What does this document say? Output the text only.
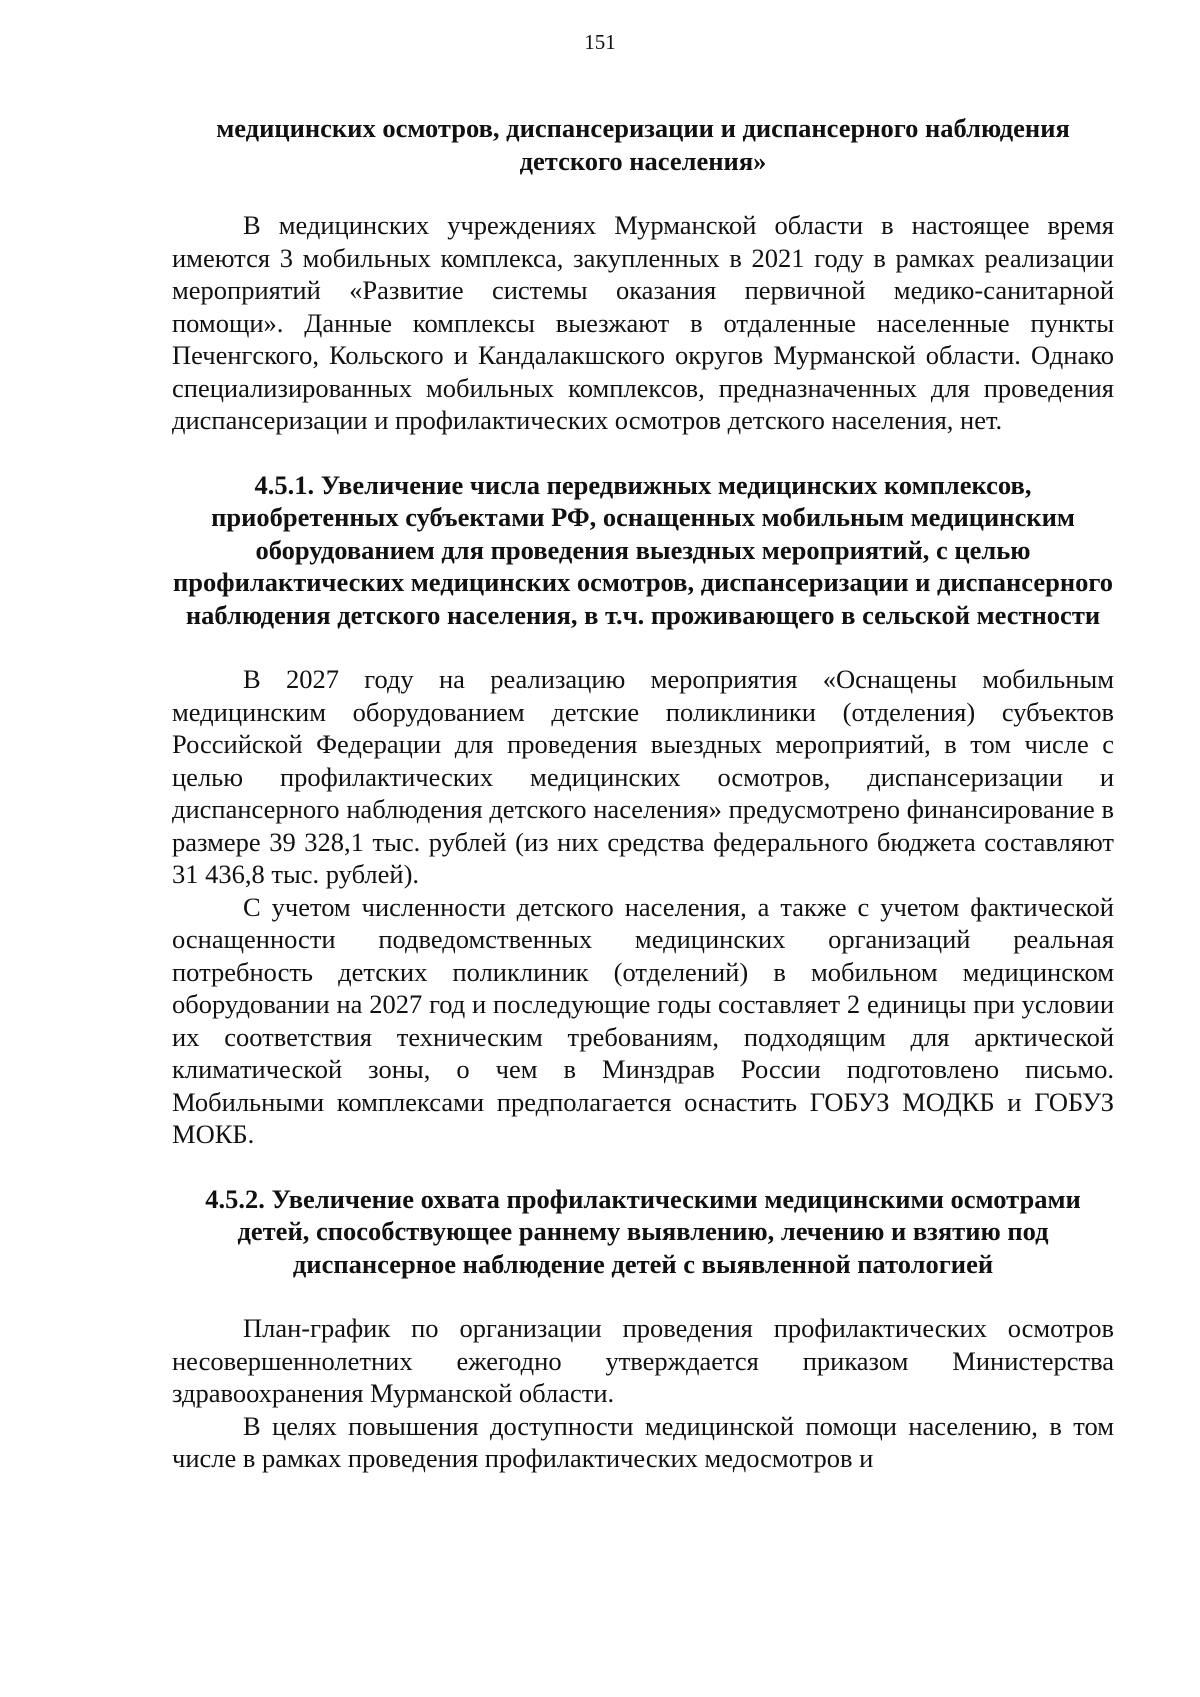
151

медицинских осмотров, диспансеризации и диспансерного наблюдения детского населения»

В медицинских учреждениях Мурманской области в настоящее время имеются 3 мобильных комплекса, закупленных в 2021 году в рамках реализации мероприятий «Развитие системы оказания первичной медико-санитарной помощи». Данные комплексы выезжают в отдаленные населенные пункты Печенгского, Кольского и Кандалакшского округов Мурманской области. Однако специализированных мобильных комплексов, предназначенных для проведения диспансеризации и профилактических осмотров детского населения, нет.

4.5.1. Увеличение числа передвижных медицинских комплексов, приобретенных субъектами РФ, оснащенных мобильным медицинским оборудованием для проведения выездных мероприятий, с целью профилактических медицинских осмотров, диспансеризации и диспансерного наблюдения детского населения, в т.ч. проживающего в сельской местности

В 2027 году на реализацию мероприятия «Оснащены мобильным медицинским оборудованием детские поликлиники (отделения) субъектов Российской Федерации для проведения выездных мероприятий, в том числе с целью профилактических медицинских осмотров, диспансеризации и диспансерного наблюдения детского населения» предусмотрено финансирование в размере 39 328,1 тыс. рублей (из них средства федерального бюджета составляют 31 436,8 тыс. рублей).

С учетом численности детского населения, а также с учетом фактической оснащенности подведомственных медицинских организаций реальная потребность детских поликлиник (отделений) в мобильном медицинском оборудовании на 2027 год и последующие годы составляет 2 единицы при условии их соответствия техническим требованиям, подходящим для арктической климатической зоны, о чем в Минздрав России подготовлено письмо. Мобильными комплексами предполагается оснастить ГОБУЗ МОДКБ и ГОБУЗ МОКБ.

4.5.2. Увеличение охвата профилактическими медицинскими осмотрами детей, способствующее раннему выявлению, лечению и взятию под диспансерное наблюдение детей с выявленной патологией

План-график по организации проведения профилактических осмотров несовершеннолетних ежегодно утверждается приказом Министерства здравоохранения Мурманской области.

В целях повышения доступности медицинской помощи населению, в том числе в рамках проведения профилактических медосмотров и
